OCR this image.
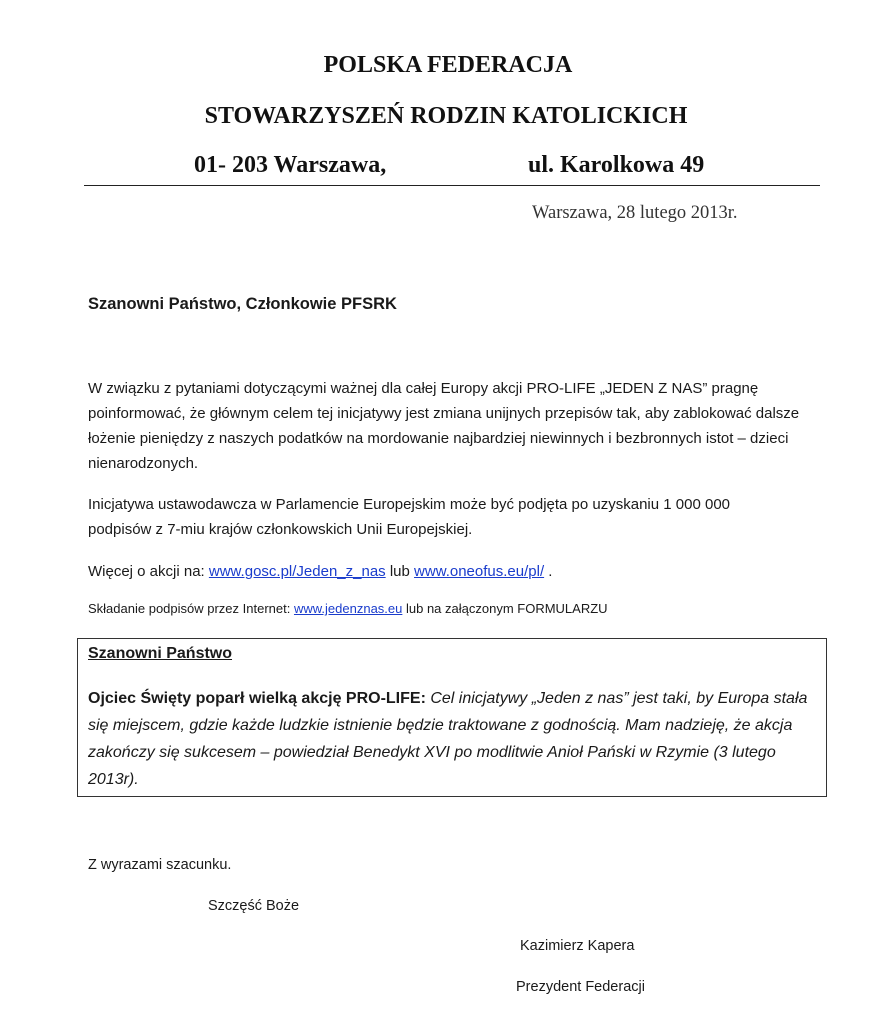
POLSKA FEDERACJA
STOWARZYSZEŃ RODZIN KATOLICKICH
01- 203 Warszawa,	ul. Karolkowa 49
Warszawa, 28 lutego 2013r.
Szanowni Państwo, Członkowie PFSRK
W związku z pytaniami dotyczącymi ważnej dla całej Europy akcji PRO-LIFE „JEDEN Z NAS” pragnę poinformować, że głównym celem tej inicjatywy jest zmiana unijnych przepisów tak, aby zablokować dalsze łożenie pieniędzy z naszych podatków na mordowanie najbardziej niewinnych i bezbronnych istot – dzieci nienarodzonych.
Inicjatywa ustawodawcza w Parlamencie Europejskim może być podjęta po uzyskaniu 1 000 000 podpisów z 7-miu krajów członkowskich Unii Europejskiej.
Więcej o akcji na: www.gosc.pl/Jeden_z_nas lub www.oneofus.eu/pl/ .
Składanie podpisów przez Internet: www.jedenznas.eu lub na załączonym FORMULARZU
Szanowni Państwo
Ojciec Święty poparł wielką akcję PRO-LIFE: Cel inicjatywy „Jeden z nas” jest taki, by Europa stała się miejscem, gdzie każde ludzkie istnienie będzie traktowane z godnością. Mam nadzieję, że akcja zakończy się sukcesem – powiedział Benedykt XVI po modlitwie Anioł Pański w Rzymie (3 lutego 2013r).
Z wyrazami szacunku.
Szczęść Boże
Kazimierz Kapera
Prezydent Federacji
